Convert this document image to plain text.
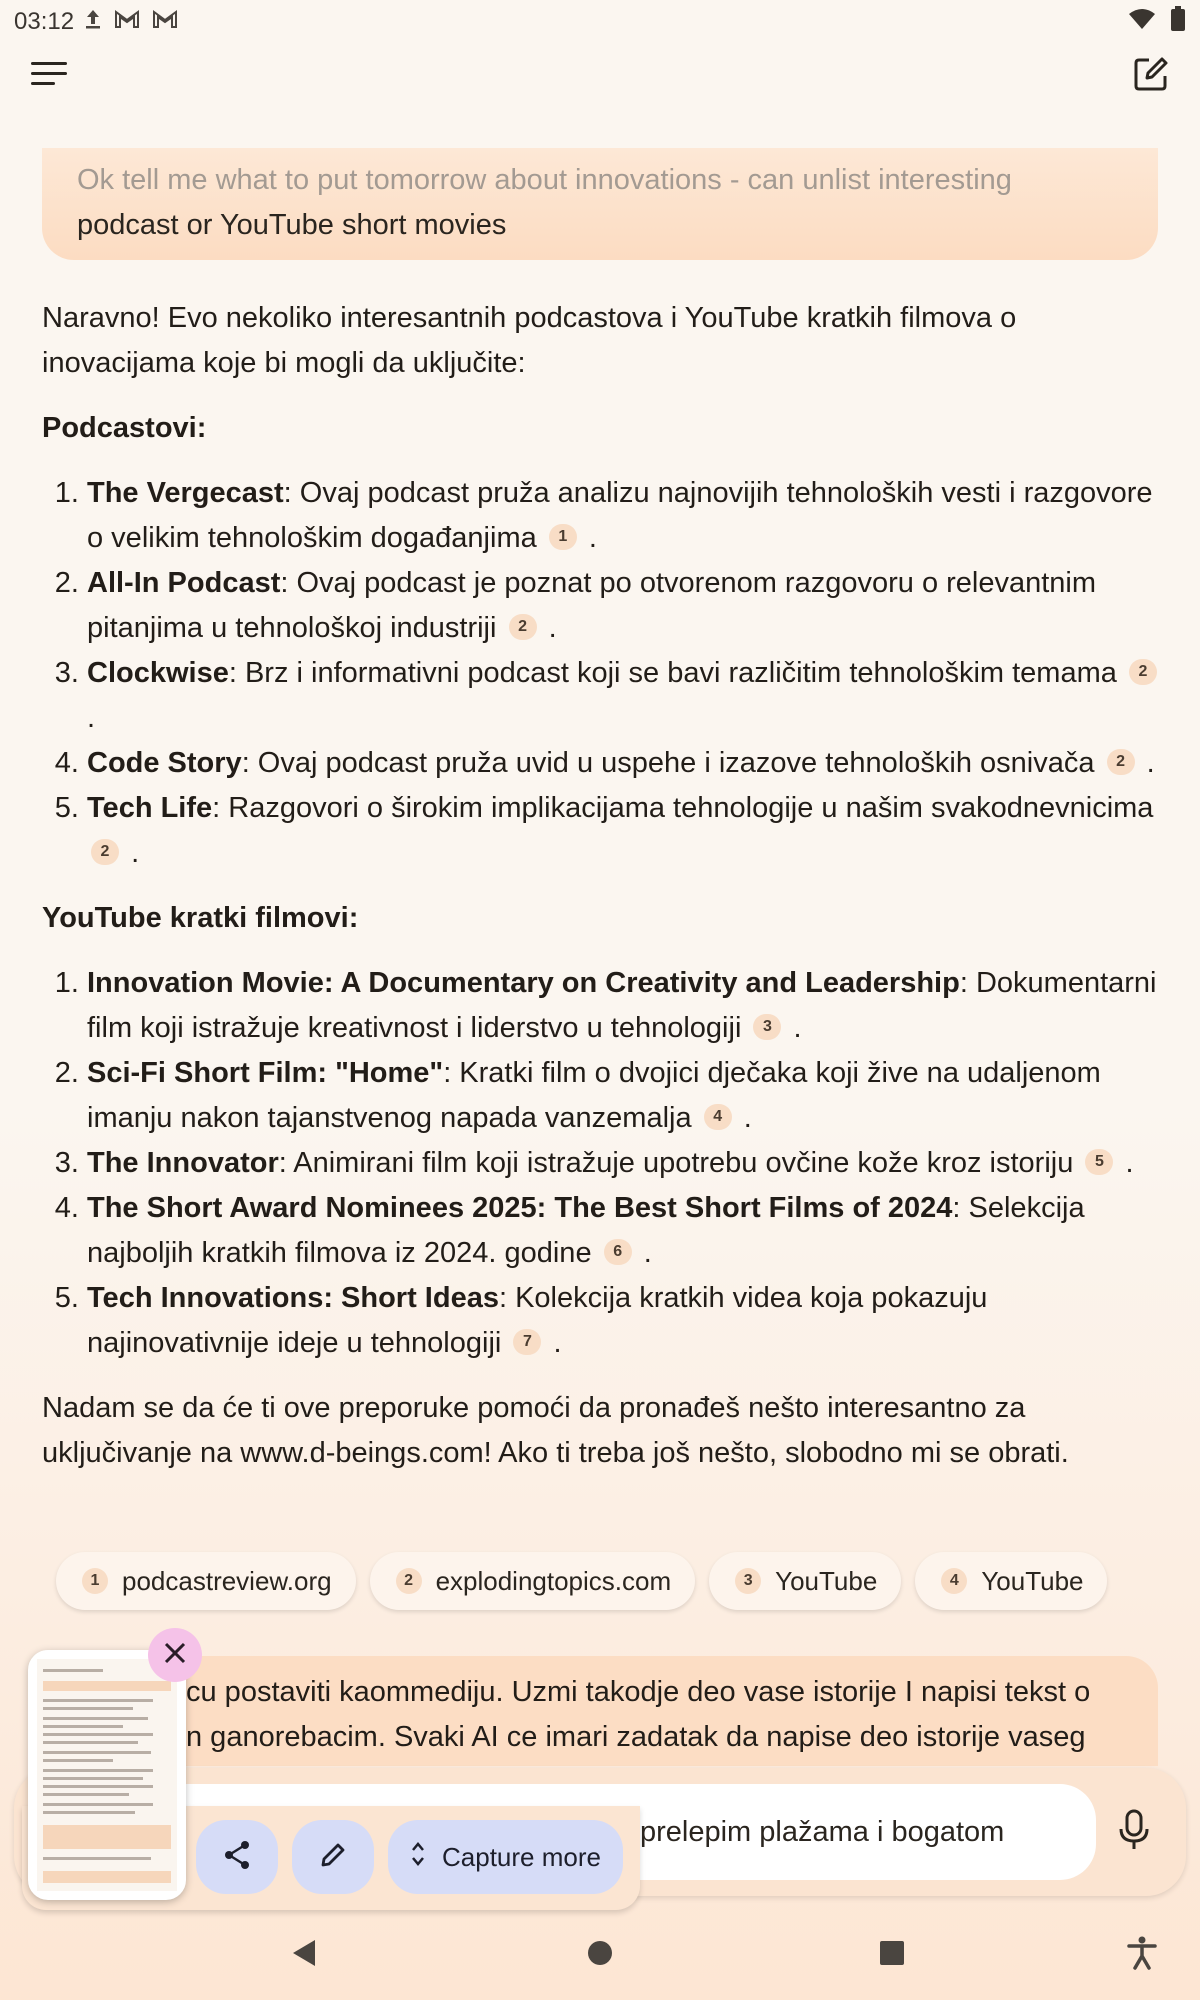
03:12
Ok tell me what to put tomorrow about innovations - can unlist interesting
podcast or YouTube short movies

Naravno! Evo nekoliko interesantnih podcastova i YouTube kratkih filmova o inovacijama koje bi mogli da uključite:

Podcastovi:
1. The Vergecast: Ovaj podcast pruža analizu najnovijih tehnoloških vesti i razgovore o velikim tehnološkim događanjima 1 .
2. All-In Podcast: Ovaj podcast je poznat po otvorenom razgovoru o relevantnim pitanjima u tehnološkoj industriji 2 .
3. Clockwise: Brz i informativni podcast koji se bavi različitim tehnološkim temama 2 .
4. Code Story: Ovaj podcast pruža uvid u uspehe i izazove tehnoloških osnivača 2 .
5. Tech Life: Razgovori o širokim implikacijama tehnologije u našim svakodnevnicima 2 .
YouTube kratki filmovi:
1. Innovation Movie: A Documentary on Creativity and Leadership: Dokumentarni film koji istražuje kreativnost i liderstvo u tehnologiji 3 .
2. Sci-Fi Short Film: "Home": Kratki film o dvojici dječaka koji žive na udaljenom imanju nakon tajanstvenog napada vanzemalja 4 .
3. The Innovator: Animirani film koji istražuje upotrebu ovčine kože kroz istoriju 5 .
4. The Short Award Nominees 2025: The Best Short Films of 2024: Selekcija najboljih kratkih filmova iz 2024. godine 6 .
5. Tech Innovations: Short Ideas: Kolekcija kratkih videa koja pokazuju najinovativnije ideje u tehnologiji 7 .

Nadam se da će ti ove preporuke pomoći da pronađeš nešto interesantno za uključivanje na www.d-beings.com! Ako ti treba još nešto, slobodno mi se obrati.

1 podcastreview.org	2 explodingtopics.com	3 YouTube	4 YouTube
cu postaviti kaommediju. Uzmi takodje deo vase istorije I napisi tekst o
n ganorebacim. Svaki AI ce imari zadatak da napise deo istorije vaseg
prelepim plažama i bogatom
Capture more
